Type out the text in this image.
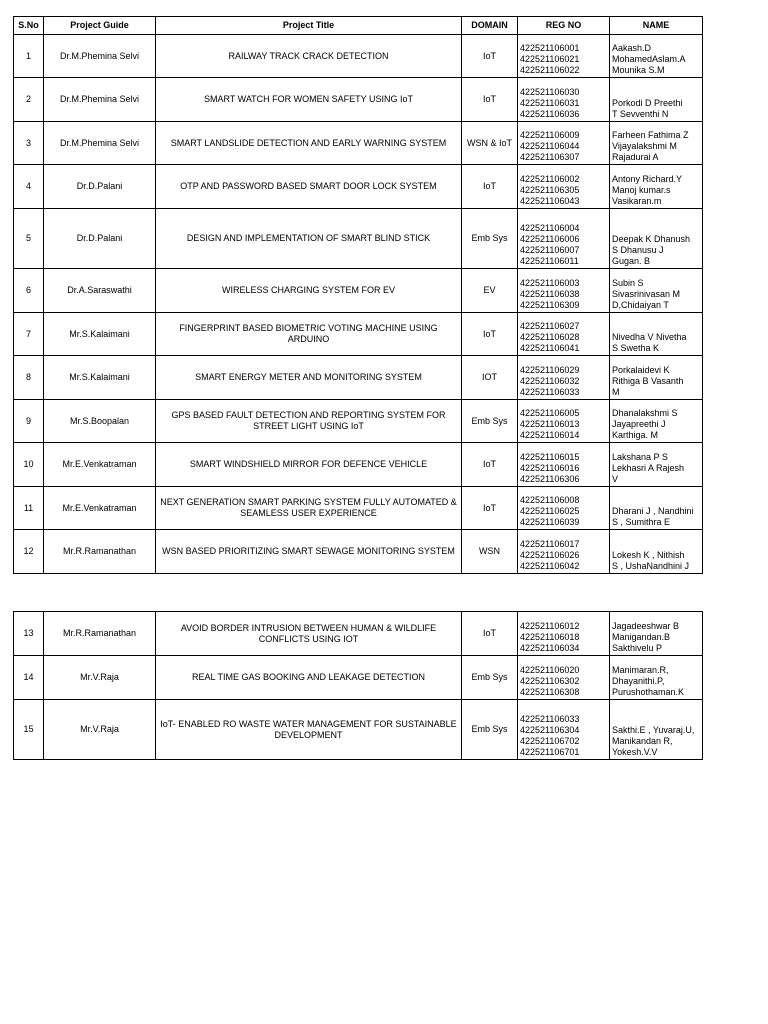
S.No	Project Guide	Project Title	DOMAIN	REG NO	NAME
1	Dr.M.Phemina Selvi	RAILWAY TRACK CRACK DETECTION	IoT	422521106001
422521106021
422521106022	Aakash.D
MohamedAslam.A
Mounika S.M
2	Dr.M.Phemina Selvi	SMART WATCH FOR WOMEN SAFETY USING IoT	IoT	422521106030
422521106031
422521106036	Porkodi D Preethi
T Sevventhi N
3	Dr.M.Phemina Selvi	SMART LANDSLIDE DETECTION AND EARLY WARNING SYSTEM	WSN & IoT	422521106009
422521106044
422521106307	Farheen Fathima Z
Vijayalakshmi M
Rajadurai A
4	Dr.D.Palani	OTP AND PASSWORD BASED SMART DOOR LOCK SYSTEM	IoT	422521106002
422521106305
422521106043	Antony Richard.Y
Manoj kumar.s
Vasikaran.m
5	Dr.D.Palani	DESIGN AND IMPLEMENTATION OF SMART BLIND STICK	Emb Sys	422521106004
422521106006
422521106007
422521106011	Deepak K Dhanush
S Dhanusu J
Gugan. B
6	Dr.A.Saraswathi	WIRELESS CHARGING SYSTEM FOR EV	EV	422521106003
422521106038
422521106309	Subin S
Sivasrinivasan M
D,Chidaiyan T
7	Mr.S.Kalaimani	FINGERPRINT BASED BIOMETRIC VOTING MACHINE USING ARDUINO	IoT	422521106027
422521106028
422521106041	Nivedha V Nivetha
S Swetha K
8	Mr.S.Kalaimani	SMART ENERGY METER AND MONITORING SYSTEM	IOT	422521106029
422521106032
422521106033	Porkalaidevi K
Rithiga B Vasanth
M
9	Mr.S.Boopalan	GPS BASED FAULT DETECTION AND REPORTING SYSTEM FOR STREET LIGHT USING IoT	Emb Sys	422521106005
422521106013
422521106014	Dhanalakshmi S
Jayapreethi J
Karthiga. M
10	Mr.E.Venkatraman	SMART WINDSHIELD MIRROR FOR DEFENCE VEHICLE	IoT	422521106015
422521106016
422521106306	Lakshana P S
Lekhasri A Rajesh
V
11	Mr.E.Venkatraman	NEXT GENERATION SMART PARKING SYSTEM FULLY AUTOMATED & SEAMLESS USER EXPERIENCE	IoT	422521106008
422521106025
422521106039	Dharani J , Nandhini
S , Sumithra E
12	Mr.R.Ramanathan	WSN BASED PRIORITIZING SMART SEWAGE MONITORING SYSTEM	WSN	422521106017
422521106026
422521106042	Lokesh K , Nithish
S , UshaNandhini J
13	Mr.R.Ramanathan	AVOID BORDER INTRUSION BETWEEN HUMAN & WILDLIFE CONFLICTS USING IOT	IoT	422521106012
422521106018
422521106034	Jagadeeshwar B
Manigandan.B
Sakthivelu P
14	Mr.V.Raja	REAL TIME GAS BOOKING AND LEAKAGE DETECTION	Emb Sys	422521106020
422521106302
422521106308	Manimaran.R,
Dhayanithi.P,
Purushothaman.K
15	Mr.V.Raja	IoT- ENABLED RO WASTE WATER MANAGEMENT FOR SUSTAINABLE DEVELOPMENT	Emb Sys	422521106033
422521106304
422521106702
422521106701	Sakthi.E , Yuvaraj.U,
Manikandan R,
Yokesh.V.V
